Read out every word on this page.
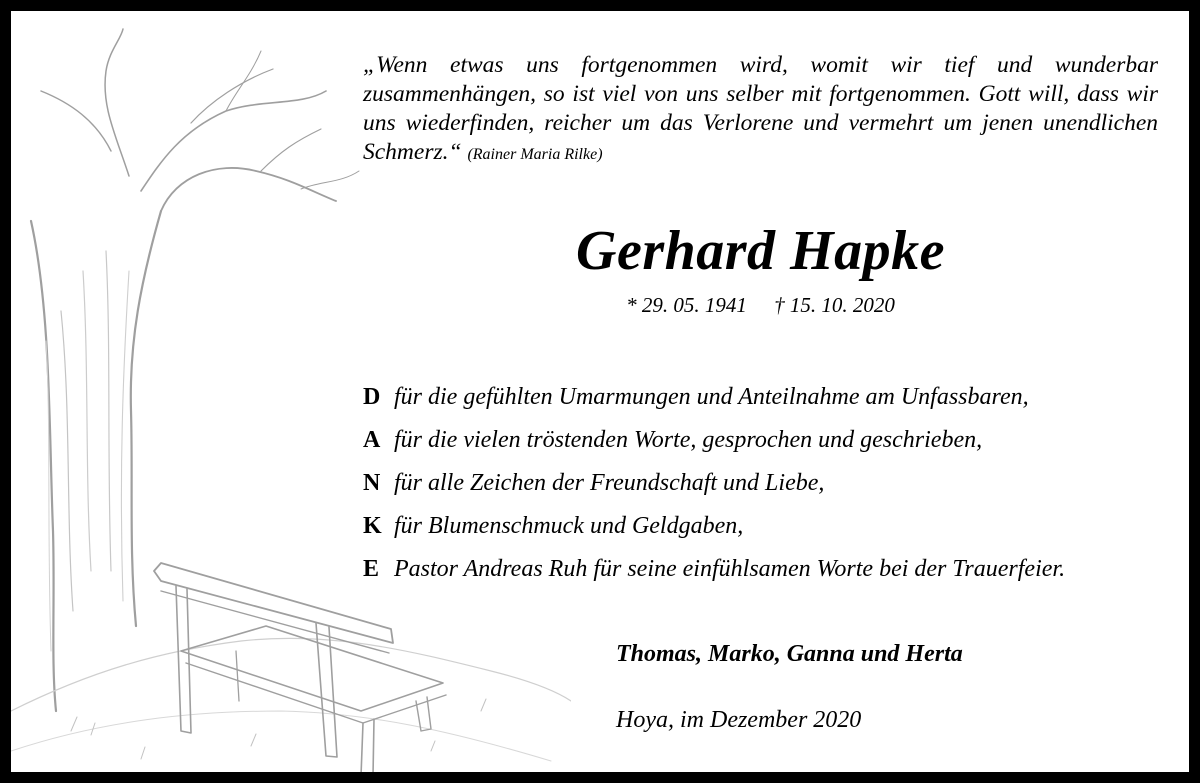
„Wenn etwas uns fortgenommen wird, womit wir tief und wunderbar zusammenhängen, so ist viel von uns selber mit fortgenommen. Gott will, dass wir uns wiederfinden, reicher um das Verlorene und vermehrt um jenen unendlichen Schmerz.“ (Rainer Maria Rilke)
Gerhard Hapke
* 29. 05. 1941 † 15. 10. 2020
D für die gefühlten Umarmungen und Anteilnahme am Unfassbaren,
A für die vielen tröstenden Worte, gesprochen und geschrieben,
N für alle Zeichen der Freundschaft und Liebe,
K für Blumenschmuck und Geldgaben,
E Pastor Andreas Ruh für seine einfühlsamen Worte bei der Trauerfeier.
Thomas, Marko, Ganna und Herta
Hoya, im Dezember 2020
